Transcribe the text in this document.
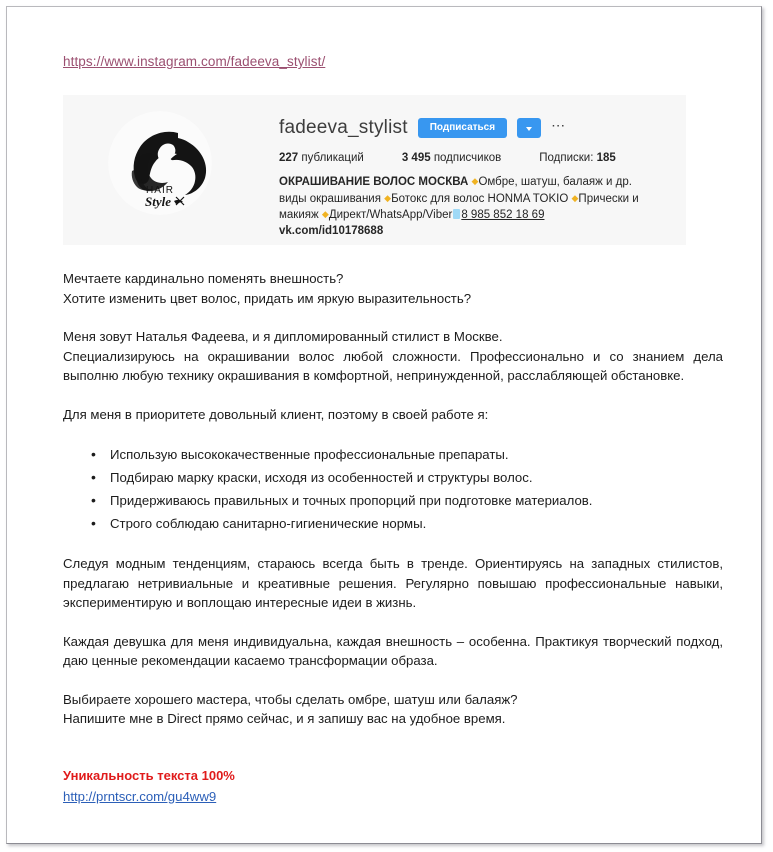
https://www.instagram.com/fadeeva_stylist/
HAIR
Style
fadeeva_stylist	Подписаться	⋯
227 публикаций	3 495 подписчиков	Подписки: 185
ОКРАШИВАНИЕ ВОЛОС МОСКВА ◆Омбре, шатуш, балаяж и др. виды окрашивания ◆Ботокс для волос HONMA TOKIO ◆Прически и макияж ◆Директ/WhatsApp/Viber 8 985 852 18 69 vk.com/id10178688

Мечтаете кардинально поменять внешность?
Хотите изменить цвет волос, придать им яркую выразительность?

Меня зовут Наталья Фадеева, и я дипломированный стилист в Москве.
Специализируюсь на окрашивании волос любой сложности. Профессионально и со знанием дела выполню любую технику окрашивания в комфортной, непринужденной, расслабляющей обстановке.

Для меня в приоритете довольный клиент, поэтому в своей работе я:

• Использую высококачественные профессиональные препараты.
• Подбираю марку краски, исходя из особенностей и структуры волос.
• Придерживаюсь правильных и точных пропорций при подготовке материалов.
• Строго соблюдаю санитарно-гигиенические нормы.

Следуя модным тенденциям, стараюсь всегда быть в тренде. Ориентируясь на западных стилистов, предлагаю нетривиальные и креативные решения. Регулярно повышаю профессиональные навыки, экспериментирую и воплощаю интересные идеи в жизнь.

Каждая девушка для меня индивидуальна, каждая внешность – особенна. Практикуя творческий подход, даю ценные рекомендации касаемо трансформации образа.

Выбираете хорошего мастера, чтобы сделать омбре, шатуш или балаяж?
Напишите мне в Direct прямо сейчас, и я запишу вас на удобное время.

Уникальность текста 100%

http://prntscr.com/gu4ww9
